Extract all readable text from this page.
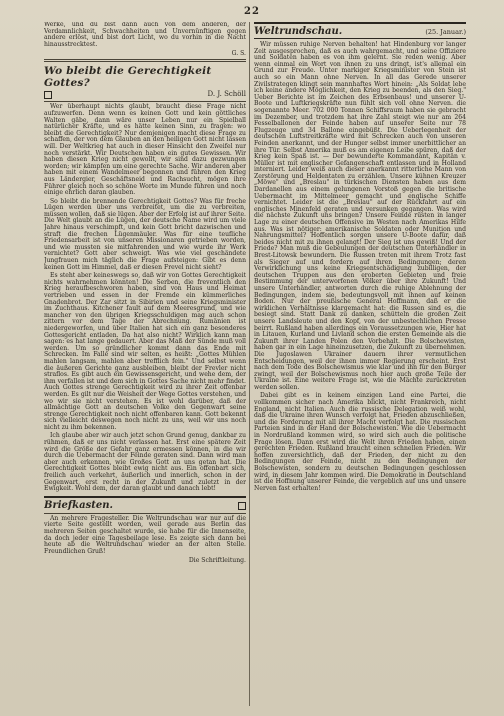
22

Werke, und du bist dann auch von dem anderen, der Verdamnlichkeit, Schwachheiten und Unvernünftigen gegen andere erlöst, und bist dort Licht, wo du vorhin in die Nacht hinausstrecktest.

G. S.
Wo bleibt die Gerechtigkeit Gottes?
D. J. Schöll

Wer überhaupt nichts glaubt, braucht diese Frage nicht aufzuwerfen. Denn wenn es keinen Gott und kein göttliches Walten gäbe, dann wäre unser Leben nur ein Spielball natürlicher Kräfte, und es hätte keinen Sinn, zu fragen: wo bleibt die Gerechtigkeit? Nur demjenigen macht diese Frage zu schaffen, der von dem Glauben an den heiligen Gott nicht lassen will. Der Weltkrieg hat auch in dieser Hinsicht den Zweifel nur noch verstärkt. Wir Deutschen haben ein gutes Gewissen. Wir haben diesen Krieg nicht gewollt, wir sind dazu gezwungen worden; wir kämpfen um eine gerechte Sache. Wir anderen aber haben mit einem Wandelmeer begonnen und führen den Krieg aus Ländergier, Geschäftsneid und Rachsucht, mögen ihre Führer gleich noch so schöne Worte im Munde führen und noch einige ehrlich daran glauben.

So bleibt die brennende Gerechtigkeit Gottes? Was für freche Lügen werden über uns verbreitet, um die zu verbreiten, müssen wollen, daß sie lügen. Aber der Erfolg ist auf ihrer Seite. Die Welt glaubt an die Lügen, der deutsche Name wird um viele Jahre hinaus verschimpft, und kein Gott bricht dazwischen und straft die frechen Lügenmäuler. Was für eine teufliche Friedensarbeit ist von unseren Missionaren getrieben worden, und wie mussten sie mitfahrenden und wie wurde ihr Werk vernichtet? Gott aber schweigt. Was wie viel geschändete Jungfrauen mich täglich die Frage aufsteigen: Gibt es denn keinen Gott im Himmel, daß er diesen Frevel nicht sieht?

Es steht aber keineswegs so, daß wir von Gottes Gerechtigkeit nichts wahrnehmen könnten! Die Serben, die freventlich den Krieg heraufbeschworen haben, sind von Haus und Heimat vertrieben und essen in der Fremde ein kümmerliches Gnadenbrot. Der Zar sitzt in Sibirien und seine Kriegsminister im Zuchthaus. Kitchener fault auf dem Meeresgrund, und wie mancher von den übrigen Kriegsschuldigen mag auch schon zittern vor dem Tage der Abrechnung. Rumänien ist niedergeworfen, und über Italien hat sich ein ganz besonderes Gottesgericht entladen. Da hat also nicht? Wirklich kann man sagen: es hat lange gedauert. Aber das Maß der Sünde muß voll werden. Um so gründlicher kommt dann das Ende mit Schrecken. Im Falle sind wir selten, es heißt: „Gottes Mühlen mahlen langsam, mahlen aber trefflich fein." Und selbst wenn die äußeren Gerichte ganz ausbleiben, bleibt der Frevler nicht straflos. Es gibt auch ein Gewissensgericht, und wehe dem, der ihm verfallen ist und dem sich in Gottes Sache nicht mehr findet. Auch Gottes strenge Gerechtigkeit wird zu ihrer Zeit offenbar werden. Es gilt nur die Weisheit der Wege Gottes verstehen, und wo wir sie nicht verstehen. Es ist wohl darüber, daß der allmächtige Gott an deutschen Volke den Gegenwart seine strenge Gerechtigkeit noch nicht offenbaren kann. Gott bekennt sich vielleicht deswegen noch nicht zu uns, weil wir uns noch nicht zu ihm bekennen.

Ich glaube aber wir auch jetzt schon Grund genug, dankbar zu rühmen, daß er uns nicht verlassen hat. Erst eine spätere Zeit wird die Größe der Gefahr ganz ermessen können, in die wir durch die Uebermacht der Feinde geraten sind. Dann wird man aber auch erkennen, wie Großes Gott an uns getan hat. Die Gerechtigkeit Gottes bleibt ewig nicht aus. Ein offenbart sich, freilich auch verkehrt, äußerlich und innerlich, schon in der Gegenwart, erst recht in der Zukunft und zuletzt in der Ewigkeit. Wohl dem, der daran glaubt und danach lebt!

Briefkasten.

An mehrere Fragesteller. Die Weltrundschau war nur auf die vierte Seite gestellt worden, weil gerade aus Berlin das mehreren Seiten geschaltet wurde, sie habe für die Innenseite, da doch jeder eine Tagesbeilage lese. Es zeigte sich dann bei heute ab die Weltrundschau wieder an der alten Stelle. Freundlichen Gruß!

Die Schriftleitung.
Weltrundschau.	(25. Januar.)

Wir müssen ruhige Nerven behalten! hat Hindenburg vor langer Zeit ausgesprochen, daß es auch wahrgemacht, und seine Offiziere und Soldaten haben es von ihm gelernt. Sie reden wenig. Aber wenn einmal ein Wort von ihnen zu uns dringt, ist's allemal ein Grund zur Freude. Unter markiger Kriegsminister von Stein ist auch so ein Mann ohne Nerven. In all das Gerede unserer Zivilstrategen klingt sein mannhaftes Wort hinein: „Als Soldat lebe ich keine andere Möglichkeit, den Krieg zu beenden, als den Sieg." Ueber Berichte ist im Zeichen des Erbsenbaus! und unserer U-Boote und Luftkriegskräfte nun fühlt sich voll ohne Nerven. die sogenannte Meer. 702 000 Tonnen Schiffsraum haben sie gebracht im Dezember, und trotzdem hat ihre Zahl steigt wie nur am 264 Fesselballonen der Feinde haben auf unserer Seite nur 78 Flugzeuge und 34 Ballone eingebüßt. Die Ueberlegenheit der deutschen Luftstreitkräfte wird mit Schrecken auch von unseren Feinden anerkannt, und der Hunger selbst immer unerbittlicher an ihre Tür. Selbst Amerika muß es am eigenen Leibe spüren, daß der Krieg kein Spaß ist. — Der bewunderte Kommandant, Kapitän v. Müller ist mit englischer Gefangenschaft entlassen und in Holland interniert. Leider weiß auch dieser anerkannt ritterliche Mann von Zerstörung und Heldentaten zu erzählen. Unsere kühnen Kreuzer „Möwe" und „Breslau" in türkischen Diensten haben aus dem Dardanellen aus einem gelungenen Vorstoß gegen die britische Uebermacht im Mittelmeer gemacht und englische Schiffe vernichtet. Leider ist die „Breslau" auf der Rückfahrt auf ein englisches Minenfeld geraten und versunken gegangen. Was wird die nächste Zukunft uns bringen? Unsere Feinde rüsten in langer Lage zu einer deutschen Offensive im Westen nach Amerikas Hilfe aus. Was ist nötiger: amerikanische Soldaten oder Munition und Nahrungsmittel? Hoffentlich sorgen unsere U-Boote dafür, daß beides nicht mit zu ihnen gelangt! Der Sieg ist uns gewiß! Und der Friede? Man muß die Gebeulungen der deutschen Unterhändler in Brest-Litowsk bewundern. Die Russen treten mit ihrem Trotz fast als Sieger auf und fordern auf ihren Bedingungen; deren Verwirklichung uns keine Kriegsentschädigung zubilligen, der deutschen Truppen aus den eroberten Gebieten und freie Bestimmung der unterworfenen Völker über ihre Zukunft! Und unsere Unterhändler, antworten durch die ruhige Ablehnung der Bedingungen, indem sie, bedeutungsvoll mit ihnen auf keinen Boden. Nur der preußische General Hoffmann, daß er die wirklichen Verhältnisse klargemacht hat: die Russen sind es, die besiegt sind. Statt Dank zu danken, schütteln die großen Zeit unsere Landsleute und den Kopf, von der unbestechlichen Presse beirrt. Rußland haben allerdings ein Voraussetzungen wie, Hier hat in Litauen, Kurland und Livland schon die ersten Gemeinde als die Zukunft ihrer Landen Polen den Vorbehalt. Die Bolschewisten, haben gar in ein Lage hineinzusetzen, die Zukunft zu übernehmen. Die Jugoslawen Ukrainer dauern ihrer vermutlichen Entscheidungen, weil der ihnen immer Regierung erscheint. Erst nach dem Tode des Bolschewismus wie klar und ihn für den Bürger zwingt, weil der Bolschewismus noch hier auch große Teile der Ukraine ist. Eine weitere Frage ist, wie die Mächte zurücktreten werden sollen.

Dabei gibt es in keinem einzigen Land eine Partei, die vollkommen sicher nach Amerika blickt, nicht Frankreich, nicht England, nicht Italien. Auch die russische Delegation weiß wohl, daß die Ukraine ihren Wunsch verfolgt hat, Frieden abzuschließen, und die Forderung mit all ihrer Macht verfolgt hat. Die russischen Parteien sind in der Hand der Bolschewisten. Wie die Uebermacht in Nordrußland kommen wird, so wird sich auch die politische Frage lösen. Dann erst wird die Welt ihren Frieden haben, einen gerechten Frieden. Rußland braucht einen schnellen Frieden. Wir hoffen zuversichtlich, daß der Frieden, der nicht zu den Bedingungen der Feinde, nicht zu den Bedingungen der Bolschewisten, sondern zu deutschen Bedingungen geschlossen wird, in diesem Jahr kommen wird. Die Demokratie in Deutschland ist die Hoffnung unserer Feinde, die vergeblich auf uns und unsere Nerven fast erhalten!
